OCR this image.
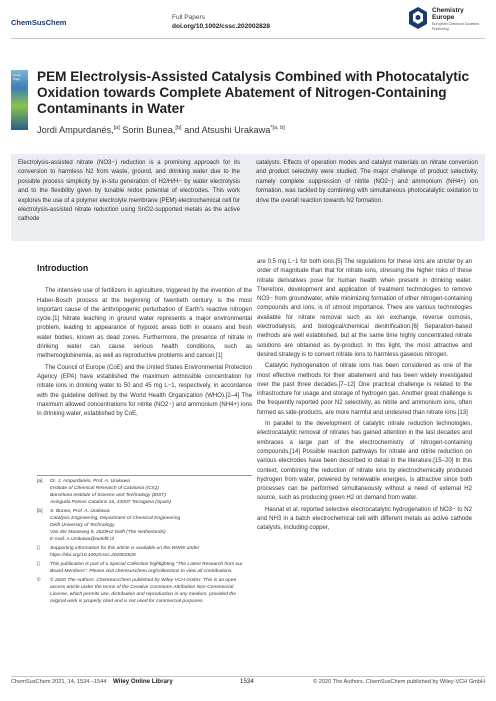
ChemSusChem
Full Papers
doi.org/10.1002/cssc.202002828
Chemistry
Europe
European Chemical Societies Publishing
Cover Page	PEM Electrolysis-Assisted Catalysis Combined with Photocatalytic Oxidation towards Complete Abatement of Nitrogen-Containing Contaminants in Water
Jordi Ampurdanés,[a] Sorin Bunea,[b] and Atsushi Urakawa$^{*[a, b]}$
Electrolysis-assisted nitrate (NO3−) reduction is a promising approach for its conversion to harmless N2 from waste, ground, and drinking water due to the possible process simplicity by in-situ generation of H2/H/H− by water electrolysis and to the flexibility given by tunable redox potential of electrodes. This work explores the use of a polymer electrolyte membrane (PEM) electrochemical cell for electrolysis-assisted nitrate reduction using SnO2-supported metals as the active cathode
catalysts. Effects of operation modes and catalyst materials on nitrate conversion and product selectivity were studied. The major challenge of product selectivity, namely complete suppression of nitrite (NO2−) and ammonium (NH4+) ion formation, was tackled by combining with simultaneous photocatalytic oxidation to drive the overall reaction towards N2 formation.
Introduction

The intensive use of fertilizers in agriculture, triggered by the invention of the Haber-Bosch process at the beginning of twentieth century, is the most important cause of the anthropogenic perturbation of Earth's reactive nitrogen cycle.[1] Nitrate leaching in ground water represents a major environmental problem, leading to appearance of hypoxic areas both in oceans and fresh water bodies, known as dead zones. Furthermore, the presence of nitrate in drinking water can cause serious health conditions, such as methemoglobinemia, as well as reproductive problems and cancer.[1]

The Council of Europe (CoE) and the United States Environmental Protection Agency (EPA) have established the maximum admissible concentration for nitrate ions in drinking water to 50 and 45 mg L−1, respectively, in accordance with the guideline defined by the World Health Organization (WHO).[2–4] The maximum allowed concentrations for nitrite (NO2−) and ammonium (NH4+) ions in drinking water, established by CoE,

[a]	Dr. J. Ampurdanés, Prof. A. Urakawa
Institute of Chemical Research of Catalonia (ICIQ)
Barcelona Institute of Science and Technology (BIST)
Avinguda Països Catalans 16, 43007 Tarragona (Spain)
[b]	S. Bunea, Prof. A. Urakawa
Catalysis Engineering, Department of Chemical Engineering
Delft University of Technology
Van der Maasweg 9, 2629HZ Delft (The Netherlands)
E-mail: A.Urakawa@tudelft.nl
▯	Supporting information for this article is available on the WWW under https://doi.org/10.1002/cssc.202002828
▯	This publication is part of a Special Collection highlighting "The Latest Research from our Board Members". Please visit chemsuschem.org/collections to view all contributions.
©	© 2020 The Authors. ChemSusChem published by Wiley-VCH GmbH. This is an open access article under the terms of the Creative Commons Attribution Non-Commercial License, which permits use, distribution and reproduction in any medium, provided the original work is properly cited and is not used for commercial purposes.

are 0.5 mg L−1 for both ions.[5] The regulations for these ions are stricter by an order of magnitude than that for nitrate ions, stressing the higher risks of these nitrate derivatives pose for human health when present in drinking water. Therefore, development and application of treatment technologies to remove NO3− from groundwater, while minimizing formation of other nitrogen-containing compounds and ions, is of utmost importance. There are various technologies available for nitrate removal such as ion exchange, reverse osmosis, electrodialysis, and biological/chemical denitrification.[6] Separation-based methods are well established, but at the same time highly concentrated nitrate solutions are obtained as by-product. In this light, the most attractive and desired strategy is to convert nitrate ions to harmless gaseous nitrogen.

Catalytic hydrogenation of nitrate ions has been considered as one of the most effective methods for their abatement and has been widely investigated over the past three decades.[7–12] One practical challenge is related to the infrastructure for usage and storage of hydrogen gas. Another great challenge is the frequently reported poor N2 selectivity, as nitrite and ammonium ions, often formed as side-products, are more harmful and undesired than nitrate ions.[13]

In parallel to the development of catalytic nitrate reduction technologies, electrocatalytic removal of nitrates has gained attention in the last decades and embraces a large part of the electrochemistry of nitrogen-containing compounds.[14] Possible reaction pathways for nitrate and nitrite reduction on various electrodes have been described in detail in the literature.[15–20] In this context, combining the reduction of nitrate ions by electrochemically produced hydrogen from water, powered by renewable energies, is attractive since both processes can be performed simultaneously without a need of external H2 source, such as producing green H2 on demand from water.

Hasnat et al. reported selective electrocatalytic hydrogenation of NO3− to N2 and NH3 in a batch electrochemical cell with different metals as active cathode catalysts, including copper,

ChemSusChem 2021, 14, 1534 –1544 Wiley Online Library	1534	© 2020 The Authors. ChemSusChem published by Wiley-VCH GmbH
